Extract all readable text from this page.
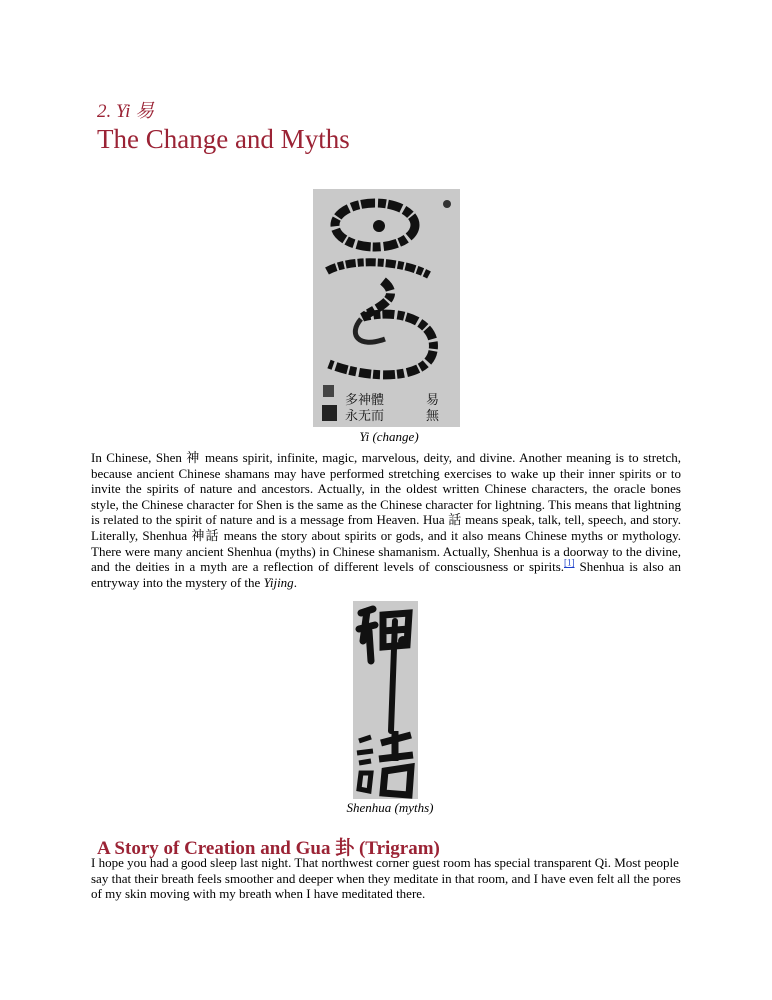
2. Yi 易
The Change and Myths
多神體
永无而
易
無
Yi (change)

In Chinese, Shen 神 means spirit, infinite, magic, marvelous, deity, and divine. Another meaning is to stretch, because ancient Chinese shamans may have performed stretching exercises to wake up their inner spirits or to invite the spirits of nature and ancestors. Actually, in the oldest written Chinese characters, the oracle bones style, the Chinese character for Shen is the same as the Chinese character for lightning. This means that lightning is related to the spirit of nature and is a message from Heaven. Hua 話 means speak, talk, tell, speech, and story. Literally, Shenhua 神話 means the story about spirits or gods, and it also means Chinese myths or mythology. There were many ancient Shenhua (myths) in Chinese shamanism. Actually, Shenhua is a doorway to the divine, and the deities in a myth are a reflection of different levels of consciousness or spirits.[1] Shenhua is also an entryway into the mystery of the Yijing.

Shenhua (myths)
A Story of Creation and Gua 卦 (Trigram)

I hope you had a good sleep last night. That northwest corner guest room has special transparent Qi. Most people say that their breath feels smoother and deeper when they meditate in that room, and I have even felt all the pores of my skin moving with my breath when I have meditated there.
